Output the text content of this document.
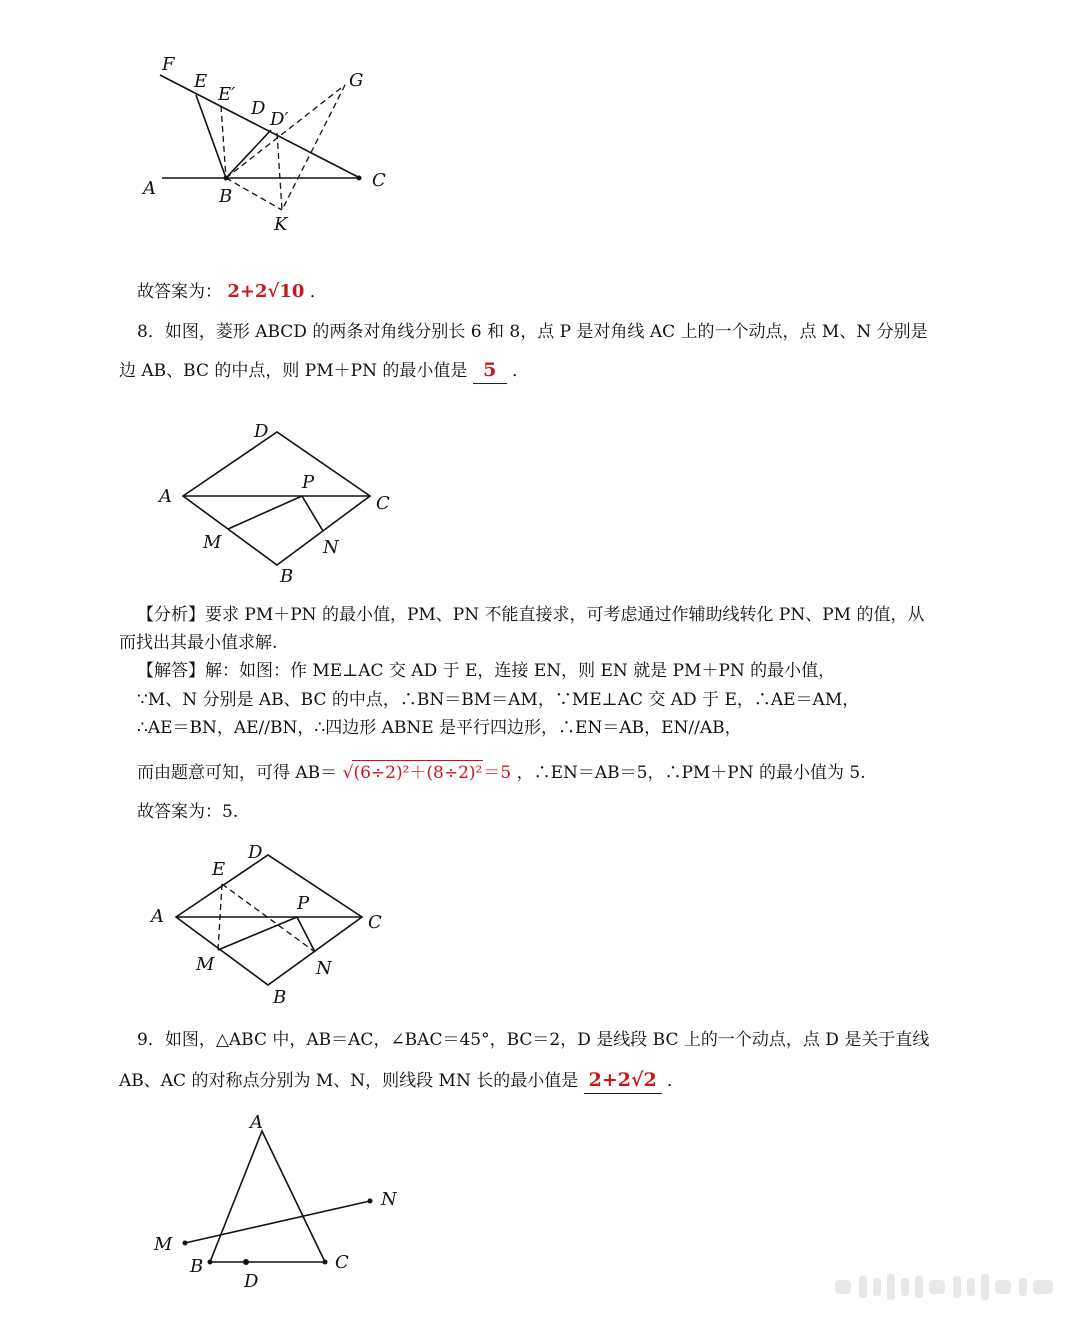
F
E
E′
D
D′
G
A	B
C
K
故答案为： 2+2√10 ．
8．如图，菱形 ABCD 的两条对角线分别长 6 和 8，点 P 是对角线 AC 上的一个动点，点 M、N 分别是
边 AB、BC 的中点，则 PM＋PN 的最小值是 5 ．
D
A
P
C
M	N
B
【分析】要求 PM＋PN 的最小值，PM、PN 不能直接求，可考虑通过作辅助线转化 PN、PM 的值，从
而找出其最小值求解.
【解答】解：如图：作 ME⊥AC 交 AD 于 E，连接 EN，则 EN 就是 PM＋PN 的最小值，
∵M、N 分别是 AB、BC 的中点，∴BN＝BM＝AM，∵ME⊥AC 交 AD 于 E，∴AE＝AM，
∴AE＝BN，AE//BN，∴四边形 ABNE 是平行四边形，∴EN＝AB，EN//AB，
而由题意可知，可得 AB＝ √(6÷2)²＋(8÷2)²＝5 ，∴EN＝AB＝5，∴PM＋PN 的最小值为 5.
故答案为：5.
D
E
A
P
C
M	N
B
9．如图，△ABC 中，AB＝AC，∠BAC＝45°，BC＝2，D 是线段 BC 上的一个动点，点 D 是关于直线
AB、AC 的对称点分别为 M、N，则线段 MN 长的最小值是 2+2√2 ．
A
N
M
B	C
D
